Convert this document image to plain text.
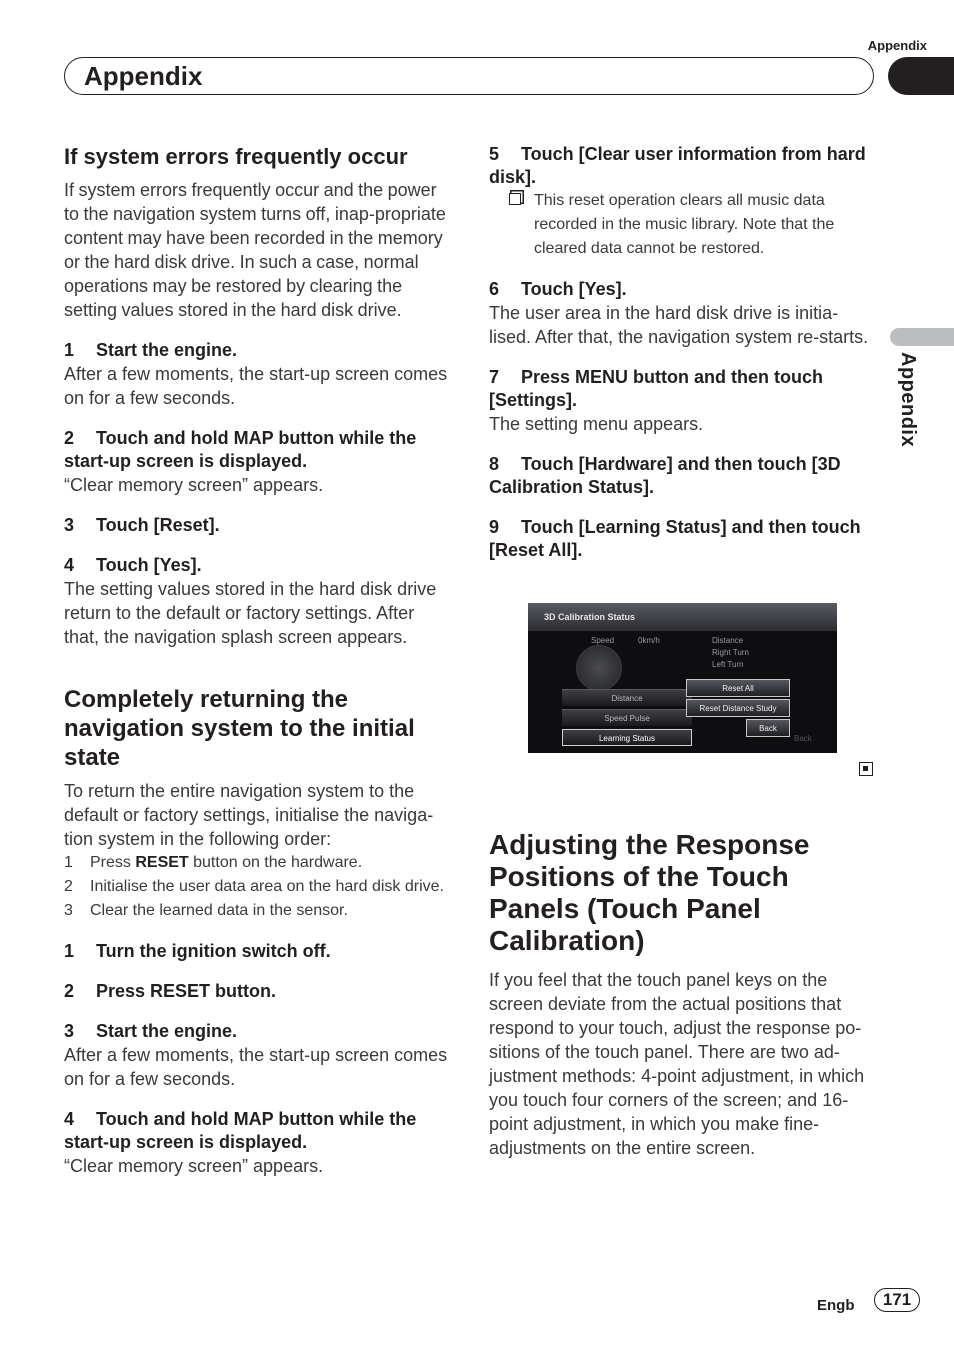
Appendix
Appendix
Appendix
If system errors frequently occur

If system errors frequently occur and the power to the navigation system turns off, inap-propriate content may have been recorded in the memory or the hard disk drive. In such a case, normal operations may be restored by clearing the setting values stored in the hard disk drive.

1 Start the engine.

After a few moments, the start-up screen comes on for a few seconds.

2 Touch and hold MAP button while the start-up screen is displayed.

“Clear memory screen” appears.

3 Touch [Reset].
4 Touch [Yes].

The setting values stored in the hard disk drive return to the default or factory settings. After that, the navigation splash screen appears.

Completely returning the navigation system to the initial state

To return the entire navigation system to the default or factory settings, initialise the naviga-tion system in the following order:

1 Press RESET button on the hardware.
2 Initialise the user data area on the hard disk drive.
3 Clear the learned data in the sensor.
1 Turn the ignition switch off.
2 Press RESET button.
3 Start the engine.

After a few moments, the start-up screen comes on for a few seconds.

4 Touch and hold MAP button while the start-up screen is displayed.

“Clear memory screen” appears.

5 Touch [Clear user information from hard disk].
This reset operation clears all music data recorded in the music library. Note that the cleared data cannot be restored.
6 Touch [Yes].

The user area in the hard disk drive is initia-lised. After that, the navigation system re-starts.

7 Press MENU button and then touch [Settings].

The setting menu appears.

8 Touch [Hardware] and then touch [3D Calibration Status].
9 Touch [Learning Status] and then touch [Reset All].
3D Calibration Status
Speed	0km/h	Distance
Right Turn
Left Turn
Distance
Speed Pulse
Learning Status
Reset All
Reset Distance Study
Back
Back
Adjusting the Response Positions of the Touch Panels (Touch Panel Calibration)

If you feel that the touch panel keys on the screen deviate from the actual positions that respond to your touch, adjust the response po-sitions of the touch panel. There are two ad-justment methods: 4-point adjustment, in which you touch four corners of the screen; and 16-point adjustment, in which you make fine-adjustments on the entire screen.

Engb	171
